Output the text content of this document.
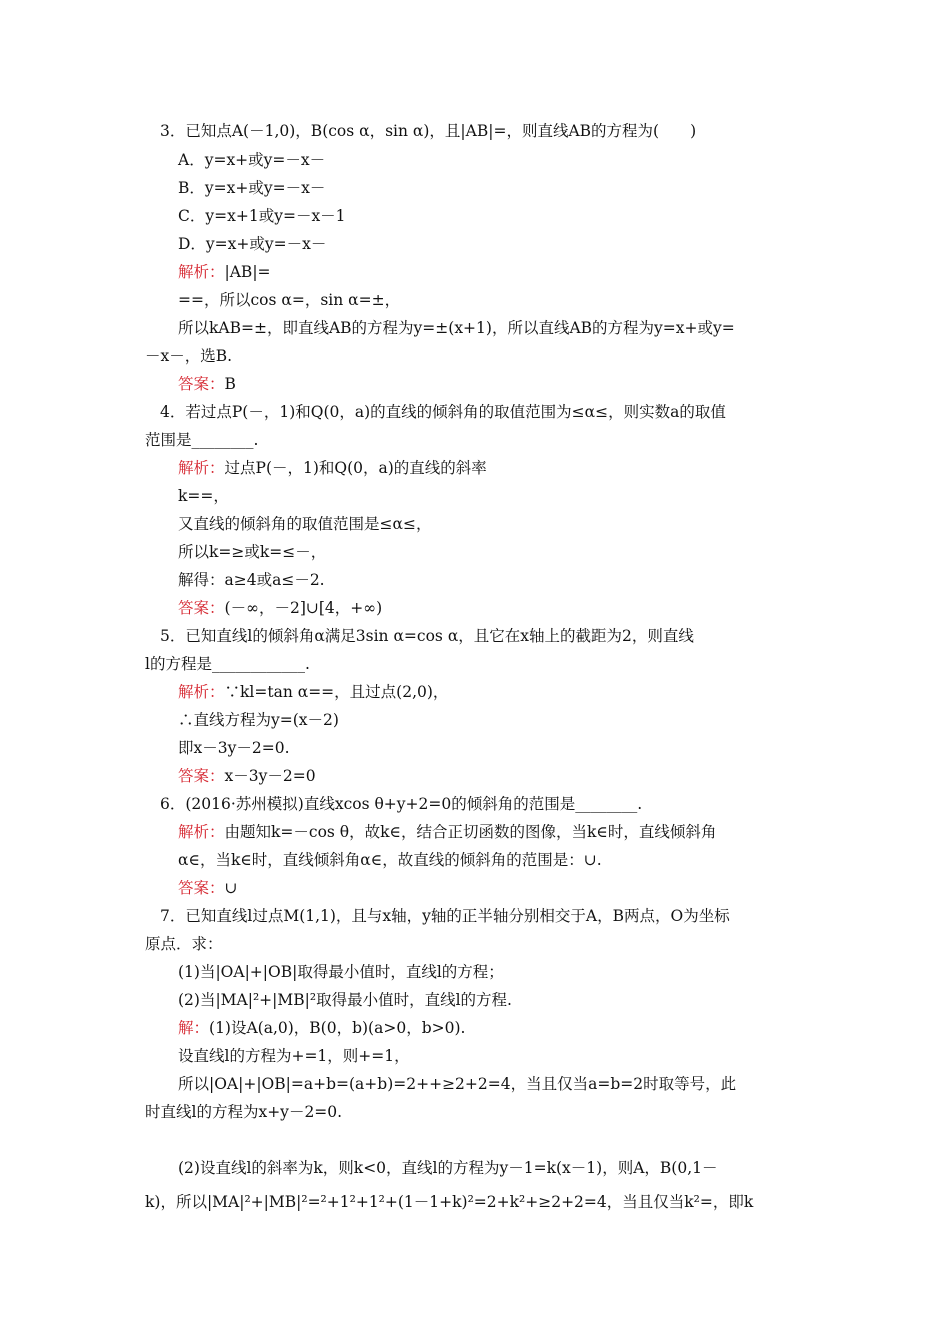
3．已知点A(－1,0)，B(cos α，sin α)，且|AB|=，则直线AB的方程为(　　)
A．y=x+或y=－x－
B．y=x+或y=－x－
C．y=x+1或y=－x－1
D．y=x+或y=－x－
解析：|AB|=
==，所以cos α=，sin α=±，
所以kAB=±，即直线AB的方程为y=±(x+1)，所以直线AB的方程为y=x+或y=
－x－，选B.
答案：B
4．若过点P(－，1)和Q(0，a)的直线的倾斜角的取值范围为≤α≤，则实数a的取值
范围是________.
解析：过点P(－，1)和Q(0，a)的直线的斜率
k==，
又直线的倾斜角的取值范围是≤α≤，
所以k=≥或k=≤－，
解得：a≥4或a≤－2.
答案：(－∞，－2]∪[4，+∞)
5．已知直线l的倾斜角α满足3sin α=cos α，且它在x轴上的截距为2，则直线
l的方程是____________.
解析：∵kl=tan α==，且过点(2,0)，
∴直线方程为y=(x－2)
即x－3y－2=0.
答案：x－3y－2=0
6．(2016·苏州模拟)直线xcos θ+y+2=0的倾斜角的范围是________.
解析：由题知k=－cos θ，故k∈，结合正切函数的图像，当k∈时，直线倾斜角
α∈，当k∈时，直线倾斜角α∈，故直线的倾斜角的范围是：∪.
答案：∪
7．已知直线l过点M(1,1)，且与x轴，y轴的正半轴分别相交于A，B两点，O为坐标
原点．求：
(1)当|OA|+|OB|取得最小值时，直线l的方程；
(2)当|MA|²+|MB|²取得最小值时，直线l的方程.
解：(1)设A(a,0)，B(0，b)(a>0，b>0).
设直线l的方程为+=1，则+=1，
所以|OA|+|OB|=a+b=(a+b)=2++≥2+2=4，当且仅当a=b=2时取等号，此
时直线l的方程为x+y－2=0.
(2)设直线l的斜率为k，则k<0，直线l的方程为y－1=k(x－1)，则A，B(0,1－
k)，所以|MA|²+|MB|²=²+1²+1²+(1－1+k)²=2+k²+≥2+2=4，当且仅当k²=，即k
